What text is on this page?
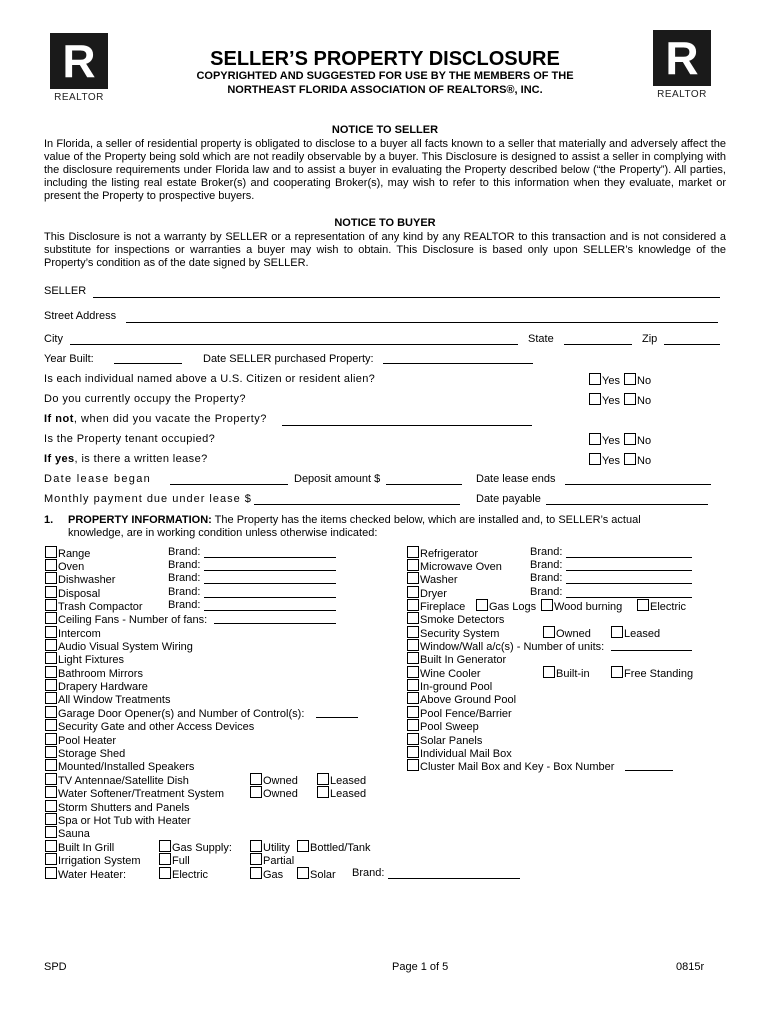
R
REALTOR
R
REALTOR
SELLER’S PROPERTY DISCLOSURE
COPYRIGHTED AND SUGGESTED FOR USE BY THE MEMBERS OF THE
NORTHEAST FLORIDA ASSOCIATION OF REALTORS®, INC.
NOTICE TO SELLER
In Florida, a seller of residential property is obligated to disclose to a buyer all facts known to a seller that materially and adversely affect the value of the Property being sold which are not readily observable by a buyer. This Disclosure is designed to assist a seller in complying with the disclosure requirements under Florida law and to assist a buyer in evaluating the Property described below (“the Property”). All parties, including the listing real estate Broker(s) and cooperating Broker(s), may wish to refer to this information when they evaluate, market or present the Property to prospective buyers.
NOTICE TO BUYER
This Disclosure is not a warranty by SELLER or a representation of any kind by any REALTOR to this transaction and is not considered a substitute for inspections or warranties a buyer may wish to obtain. This Disclosure is based only upon SELLER’s knowledge of the Property’s condition as of the date signed by SELLER.
SELLER
Street Address
City	State	Zip
Year Built:	Date SELLER purchased Property:
Is each individual named above a U.S. Citizen or resident alien?	Yes	No
Do you currently occupy the Property?	Yes	No
If not, when did you vacate the Property?
Is the Property tenant occupied?	Yes	No
If yes, is there a written lease?	Yes	No
Date lease began	Deposit amount $	Date lease ends
Monthly payment due under lease $	Date payable
1. PROPERTY INFORMATION: The Property has the items checked below, which are installed and, to SELLER’s actual
knowledge, are in working condition unless otherwise indicated:
Range	Brand:
Oven	Brand:
Dishwasher	Brand:
Disposal	Brand:
Trash Compactor Brand:
Ceiling Fans - Number of fans:
Intercom
Audio Visual System Wiring
Light Fixtures
Bathroom Mirrors
Drapery Hardware
All Window Treatments
Garage Door Opener(s) and Number of Control(s):
Security Gate and other Access Devices
Pool Heater
Storage Shed
Mounted/Installed Speakers
TV Antennae/Satellite Dish	Owned	Leased
Water Softener/Treatment System	Owned	Leased
Storm Shutters and Panels
Spa or Hot Tub with Heater
Sauna
Built In Grill	Gas Supply:	Utility	Bottled/Tank
Irrigation System	Full	Partial
Water Heater:	Electric	Gas	Solar Brand:
Refrigerator	Brand:
Microwave Oven	Brand:
Washer	Brand:
Dryer	Brand:
Fireplace	Gas Logs	Wood burning	Electric
Smoke Detectors
Security System	Owned	Leased
Window/Wall a/c(s) - Number of units:
Built In Generator
Wine Cooler	Built-in	Free Standing
In-ground Pool
Above Ground Pool
Pool Fence/Barrier
Pool Sweep
Solar Panels
Individual Mail Box
Cluster Mail Box and Key - Box Number
SPD	Page 1 of 5	0815r
